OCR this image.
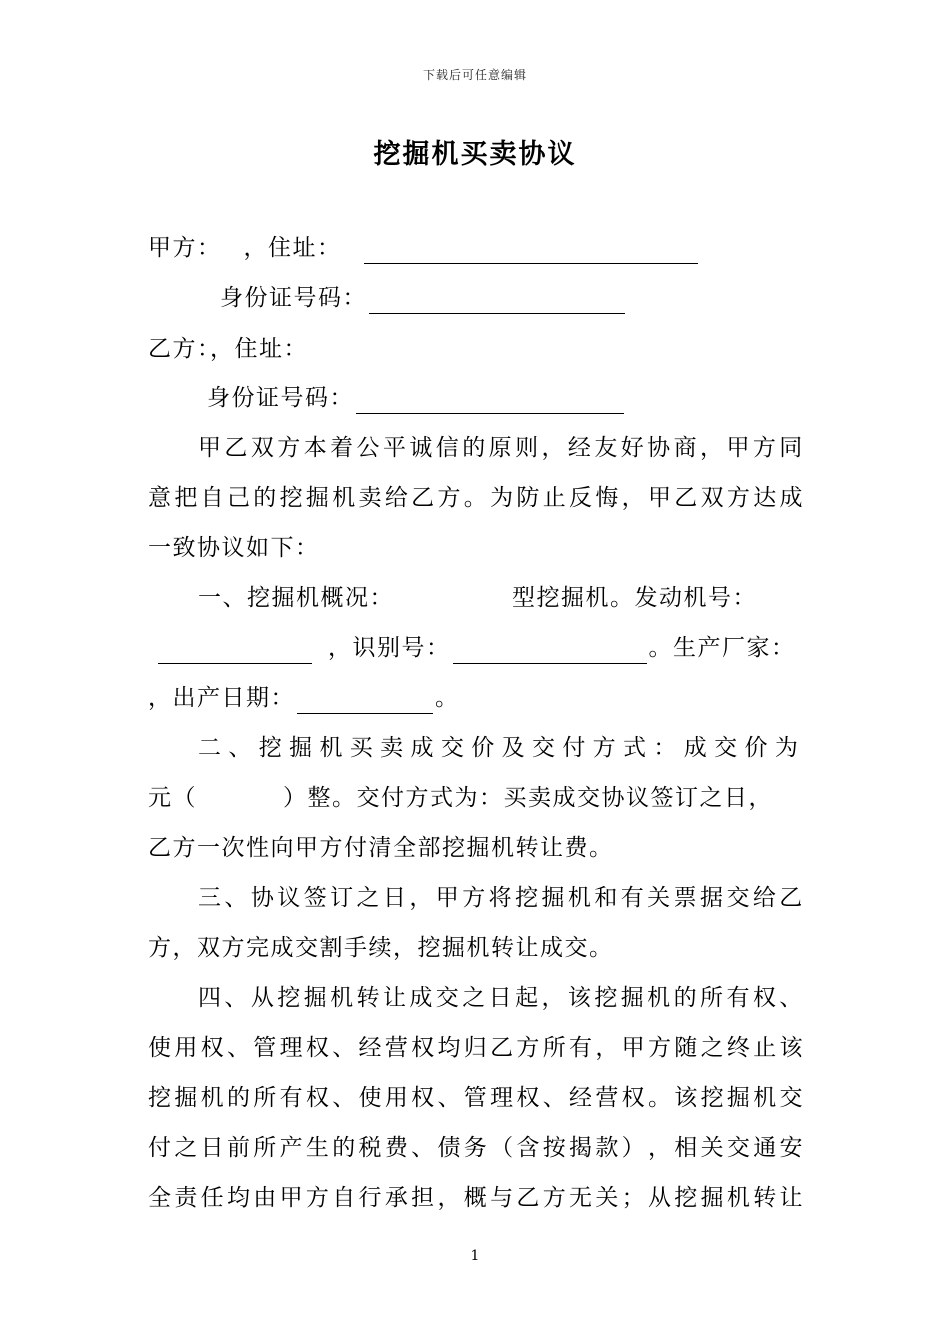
下载后可任意编辑
挖掘机买卖协议
甲方： ，住址：
身份证号码：
乙方：，住址：
身份证号码：
甲 乙 双 方 本 着 公 平 诚 信 的 原 则 ， 经 友 好 协 商 ， 甲 方 同
意 把 自 己 的 挖 掘 机 卖 给 乙 方 。 为 防 止 反 悔 ， 甲 乙 双 方 达 成
一致协议如下：
一、挖掘机概况：	型挖掘机。发动机号：
，识别号：	。生产厂家：
，出产日期：	。
二 、 挖 掘 机 买 卖 成 交 价 及 交 付 方 式 ： 成 交 价 为
元（	）整。交付方式为：买卖成交协议签订之日，
乙方一次性向甲方付清全部挖掘机转让费。
三 、 协 议 签 订 之 日 ， 甲 方 将 挖 掘 机 和 有 关 票 据 交 给 乙
方，双方完成交割手续，挖掘机转让成交。
四 、 从 挖 掘 机 转 让 成 交 之 日 起 ， 该 挖 掘 机 的 所 有 权 、
使 用 权 、 管 理 权 、 经 营 权 均 归 乙 方 所 有 ， 甲 方 随 之 终 止 该
挖 掘 机 的 所 有 权 、 使 用 权 、 管 理 权 、 经 营 权 。 该 挖 掘 机 交
付 之 日 前 所 产 生 的 税 费 、 债 务 （ 含 按 揭 款 ） ， 相 关 交 通 安
全 责 任 均 由 甲 方 自 行 承 担 ， 概 与 乙 方 无 关 ； 从 挖 掘 机 转 让
1
